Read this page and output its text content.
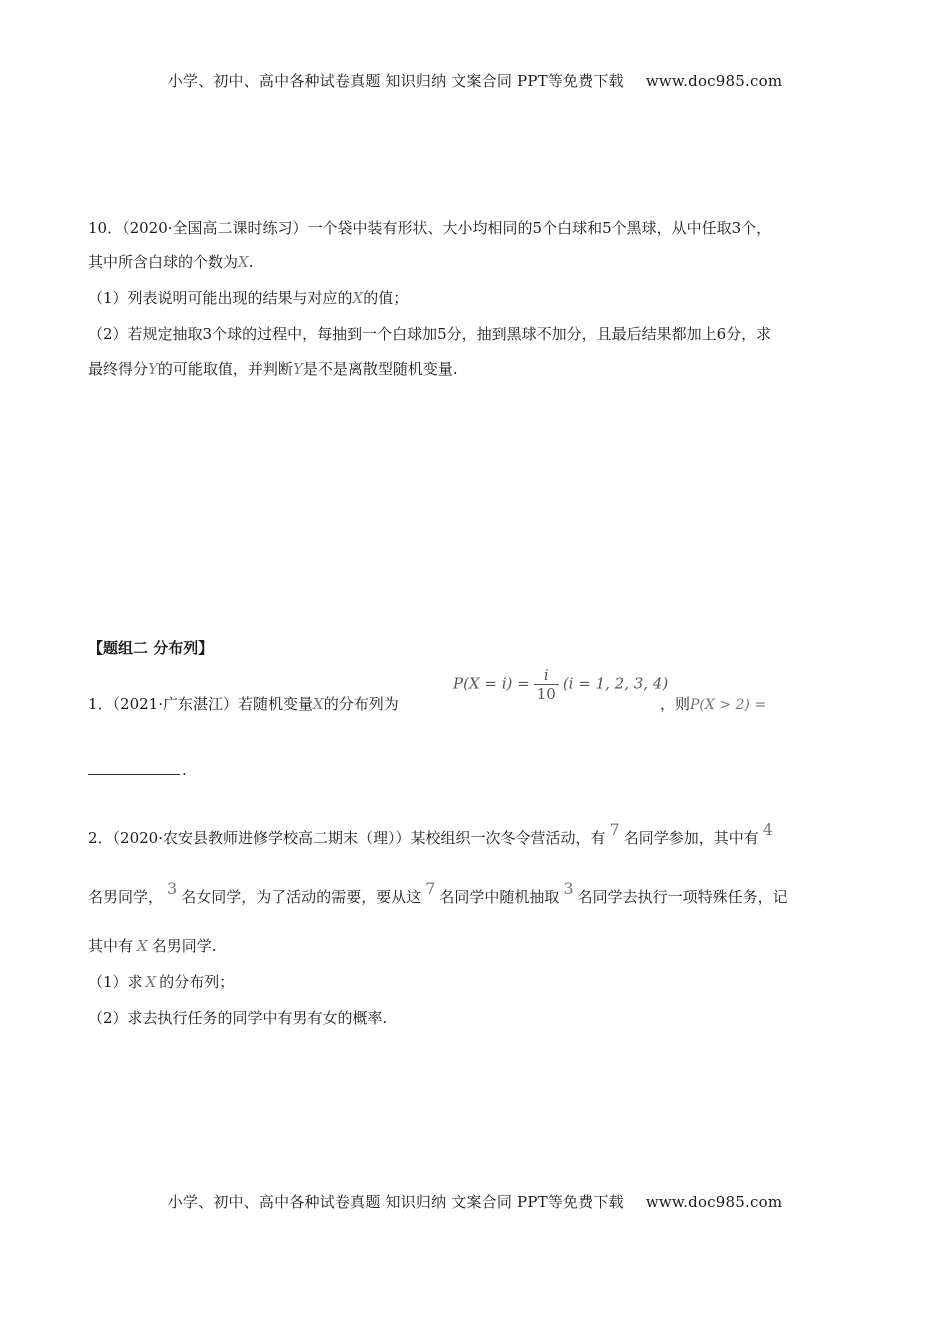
小学、初中、高中各种试卷真题 知识归纳 文案合同 PPT等免费下载 www.doc985.com
10．（2020·全国高二课时练习）一个袋中装有形状、大小均相同的5个白球和5个黑球，从中任取3个，
其中所含白球的个数为X.
（1）列表说明可能出现的结果与对应的X的值；
（2）若规定抽取3个球的过程中，每抽到一个白球加5分，抽到黑球不加分，且最后结果都加上6分，求
最终得分Y的可能取值，并判断Y是不是离散型随机变量.
【题组二 分布列】
1．（2021·广东湛江）若随机变量X的分布列为
$P(X = i) = \frac{i}{10} (i = 1$, 2, 3, 4)
，则P(X > 2) =
.
2．（2020·农安县教师进修学校高二期末（理））某校组织一次冬令营活动，有 7 名同学参加，其中有 4
名男同学， 3 名女同学，为了活动的需要，要从这 7 名同学中随机抽取 3 名同学去执行一项特殊任务，记
其中有 X 名男同学.
（1）求 X 的分布列；
（2）求去执行任务的同学中有男有女的概率.
小学、初中、高中各种试卷真题 知识归纳 文案合同 PPT等免费下载 www.doc985.com
